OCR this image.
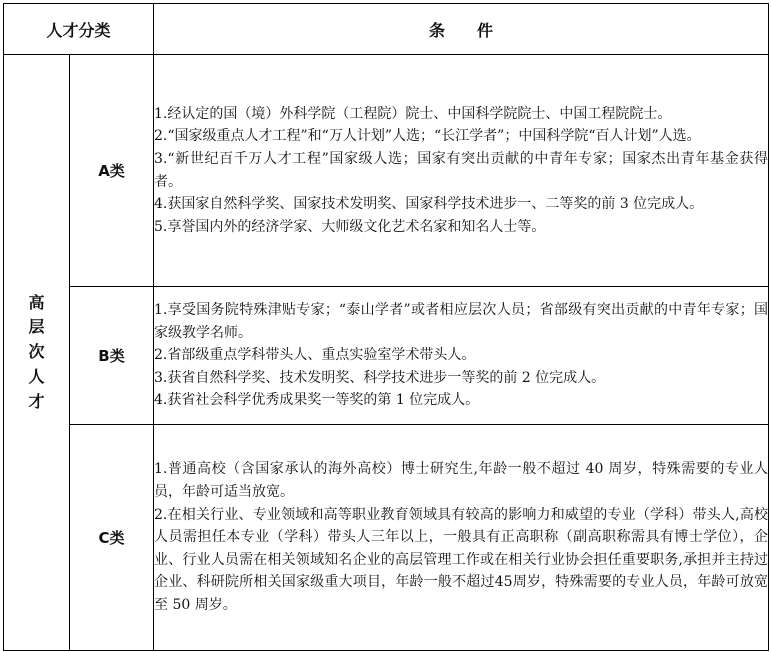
人才分类		条　　件
高层次人才	A类	1.经认定的国（境）外科学院（工程院）院士、中国科学院院士、中国工程院院士。

2.“国家级重点人才工程”和“万人计划”人选；“长江学者”；中国科学院“百人计划”人选。

3.“新世纪百千万人才工程”国家级人选；国家有突出贡献的中青年专家；国家杰出青年基金获得者。

4.获国家自然科学奖、国家技术发明奖、国家科学技术进步一、二等奖的前 3 位完成人。

5.享誉国内外的经济学家、大师级文化艺术名家和知名人士等。

	B类	1.享受国务院特殊津贴专家；“泰山学者”或者相应层次人员；省部级有突出贡献的中青年专家；国家级教学名师。

2.省部级重点学科带头人、重点实验室学术带头人。

3.获省自然科学奖、技术发明奖、科学技术进步一等奖的前 2 位完成人。

4.获省社会科学优秀成果奖一等奖的第 1 位完成人。

	C类	1.普通高校（含国家承认的海外高校）博士研究生,年龄一般不超过 40 周岁，特殊需要的专业人员，年龄可适当放宽。

2.在相关行业、专业领域和高等职业教育领域具有较高的影响力和威望的专业（学科）带头人,高校人员需担任本专业（学科）带头人三年以上，一般具有正高职称（副高职称需具有博士学位），企业、行业人员需在相关领域知名企业的高层管理工作或在相关行业协会担任重要职务,承担并主持过企业、科研院所相关国家级重大项目，年龄一般不超过45周岁，特殊需要的专业人员，年龄可放宽至 50 周岁。
